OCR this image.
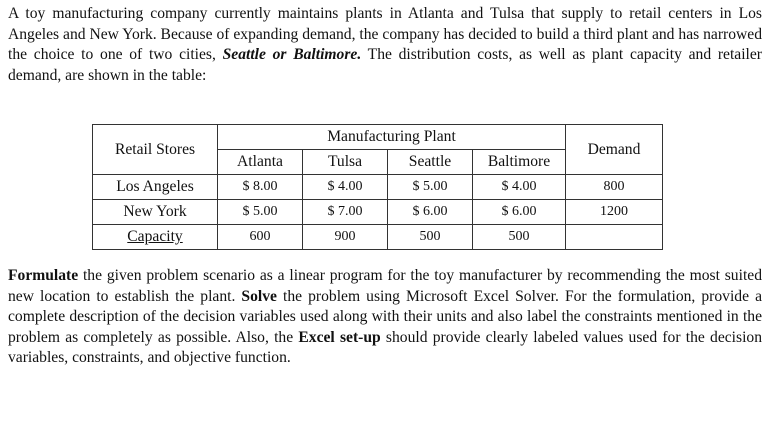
A toy manufacturing company currently maintains plants in Atlanta and Tulsa that supply to retail centers in Los Angeles and New York. Because of expanding demand, the company has decided to build a third plant and has narrowed the choice to one of two cities, Seattle or Baltimore. The distribution costs, as well as plant capacity and retailer demand, are shown in the table:

Retail Stores	Manufacturing Plant				Demand
	Atlanta	Tulsa	Seattle	Baltimore	
Los Angeles	$ 8.00	$ 4.00	$ 5.00	$ 4.00	800
New York	$ 5.00	$ 7.00	$ 6.00	$ 6.00	1200
Capacity	600	900	500	500	

Formulate the given problem scenario as a linear program for the toy manufacturer by recommending the most suited new location to establish the plant. Solve the problem using Microsoft Excel Solver. For the formulation, provide a complete description of the decision variables used along with their units and also label the constraints mentioned in the problem as completely as possible. Also, the Excel set-up should provide clearly labeled values used for the decision variables, constraints, and objective function.
